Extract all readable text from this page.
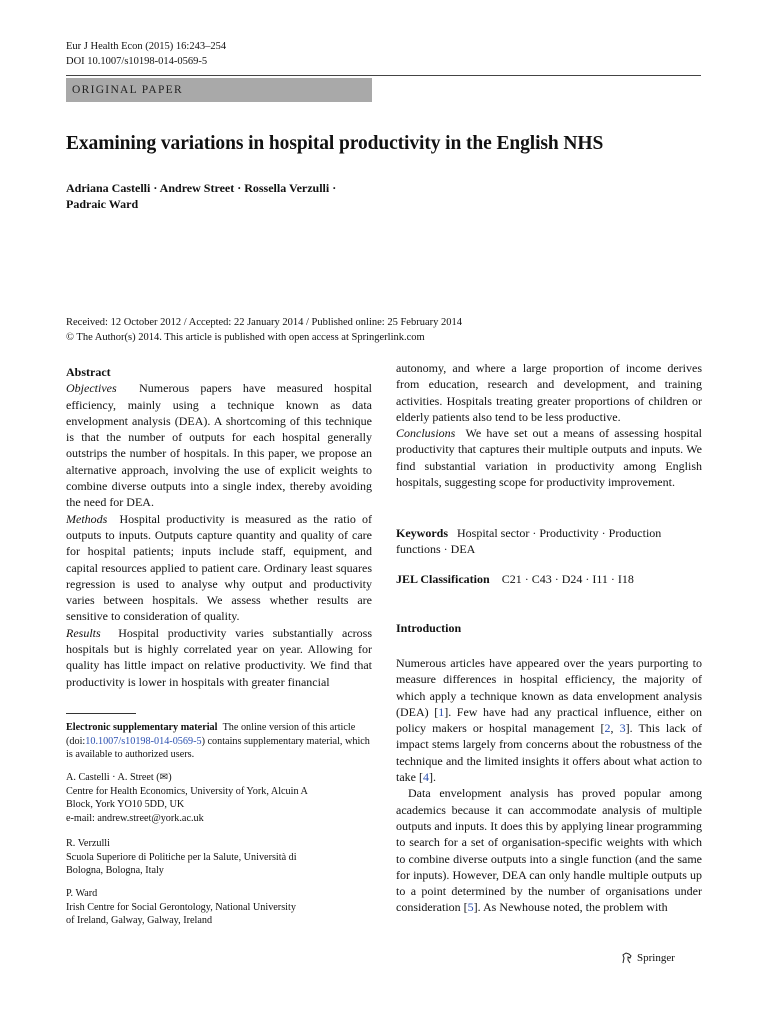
Eur J Health Econ (2015) 16:243–254
DOI 10.1007/s10198-014-0569-5
ORIGINAL PAPER
Examining variations in hospital productivity in the English NHS
Adriana Castelli · Andrew Street · Rossella Verzulli ·
Padraic Ward
Received: 12 October 2012 / Accepted: 22 January 2014 / Published online: 25 February 2014
© The Author(s) 2014. This article is published with open access at Springerlink.com
Abstract
Objectives Numerous papers have measured hospital efficiency, mainly using a technique known as data envelopment analysis (DEA). A shortcoming of this technique is that the number of outputs for each hospital generally outstrips the number of hospitals. In this paper, we propose an alternative approach, involving the use of explicit weights to combine diverse outputs into a single index, thereby avoiding the need for DEA.
Methods Hospital productivity is measured as the ratio of outputs to inputs. Outputs capture quantity and quality of care for hospital patients; inputs include staff, equipment, and capital resources applied to patient care. Ordinary least squares regression is used to analyse why output and productivity varies between hospitals. We assess whether results are sensitive to consideration of quality.
Results Hospital productivity varies substantially across hospitals but is highly correlated year on year. Allowing for quality has little impact on relative productivity. We find that productivity is lower in hospitals with greater financial
Electronic supplementary material The online version of this article (doi:10.1007/s10198-014-0569-5) contains supplementary material, which is available to authorized users.
A. Castelli · A. Street (✉)
Centre for Health Economics, University of York, Alcuin A
Block, York YO10 5DD, UK
e-mail: andrew.street@york.ac.uk
R. Verzulli
Scuola Superiore di Politiche per la Salute, Università di
Bologna, Bologna, Italy
P. Ward
Irish Centre for Social Gerontology, National University
of Ireland, Galway, Galway, Ireland
autonomy, and where a large proportion of income derives from education, research and development, and training activities. Hospitals treating greater proportions of children or elderly patients also tend to be less productive.
Conclusions We have set out a means of assessing hospital productivity that captures their multiple outputs and inputs. We find substantial variation in productivity among English hospitals, suggesting scope for productivity improvement.
Keywords Hospital sector · Productivity · Production functions · DEA
JEL Classification C21 · C43 · D24 · I11 · I18
Introduction

Numerous articles have appeared over the years purporting to measure differences in hospital efficiency, the majority of which apply a technique known as data envelopment analysis (DEA) [1]. Few have had any practical influence, either on policy makers or hospital management [2, 3]. This lack of impact stems largely from concerns about the robustness of the technique and the limited insights it offers about what action to take [4].

Data envelopment analysis has proved popular among academics because it can accommodate analysis of multiple outputs and inputs. It does this by applying linear programming to search for a set of organisation-specific weights with which to combine diverse outputs into a single function (and the same for inputs). However, DEA can only handle multiple outputs up to a point determined by the number of organisations under consideration [5]. As Newhouse noted, the problem with

Springer
